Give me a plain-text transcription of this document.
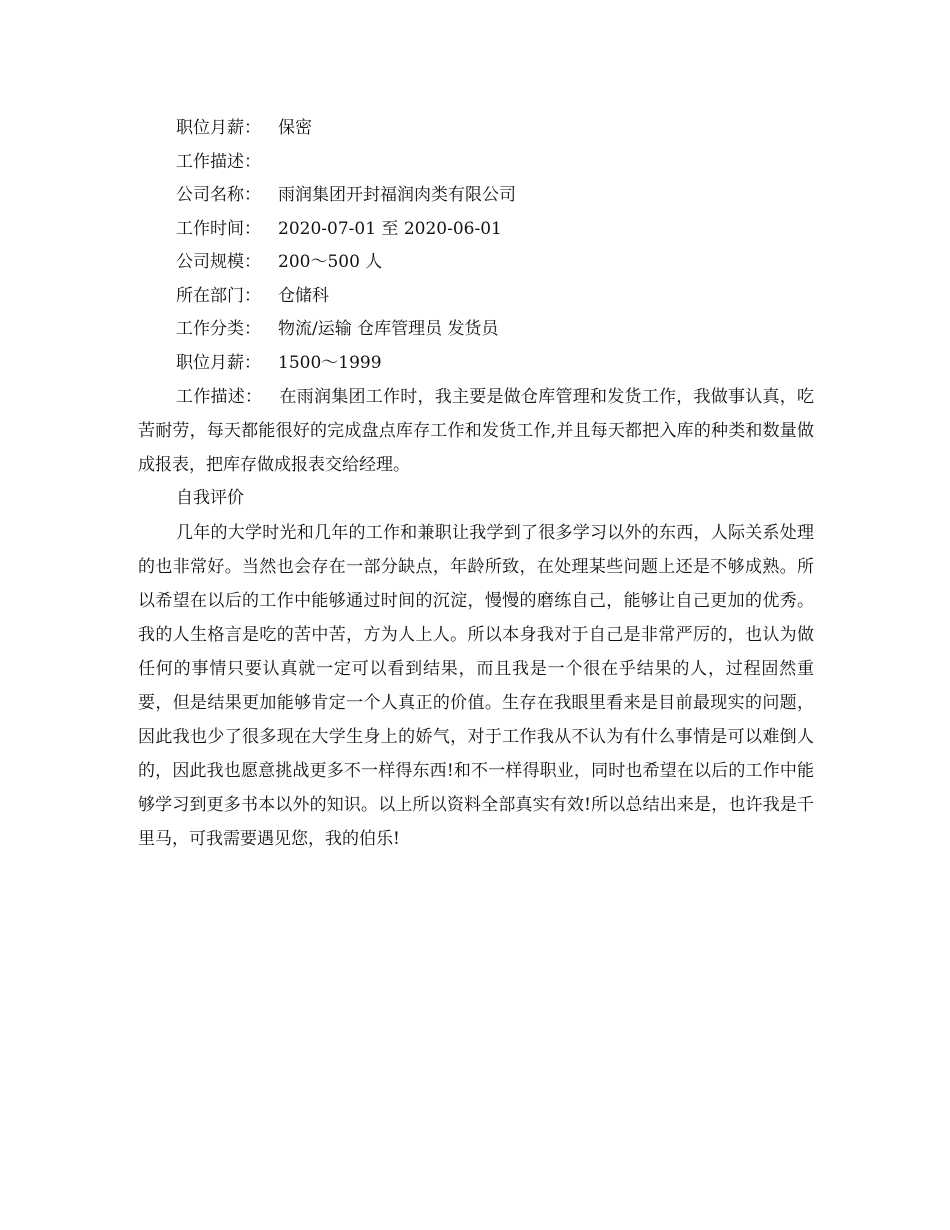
职位月薪：	保密
工作描述：
公司名称：	雨润集团开封福润肉类有限公司
工作时间：	2020-07-01 至 2020-06-01
公司规模：	200～500 人
所在部门：	仓储科
工作分类：	物流/运输 仓库管理员 发货员
职位月薪：	1500～1999

工作描述：  在雨润集团工作时，我主要是做仓库管理和发货工作，我做事认真，吃苦耐劳，每天都能很好的完成盘点库存工作和发货工作,并且每天都把入库的种类和数量做成报表，把库存做成报表交给经理。

自我评价

几年的大学时光和几年的工作和兼职让我学到了很多学习以外的东西，人际关系处理的也非常好。当然也会存在一部分缺点，年龄所致，在处理某些问题上还是不够成熟。所以希望在以后的工作中能够通过时间的沉淀，慢慢的磨练自己，能够让自己更加的优秀。我的人生格言是吃的苦中苦，方为人上人。所以本身我对于自己是非常严厉的，也认为做任何的事情只要认真就一定可以看到结果，而且我是一个很在乎结果的人，过程固然重要，但是结果更加能够肯定一个人真正的价值。生存在我眼里看来是目前最现实的问题，因此我也少了很多现在大学生身上的娇气，对于工作我从不认为有什么事情是可以难倒人的，因此我也愿意挑战更多不一样得东西!和不一样得职业，同时也希望在以后的工作中能够学习到更多书本以外的知识。以上所以资料全部真实有效!所以总结出来是，也许我是千里马，可我需要遇见您，我的伯乐!
